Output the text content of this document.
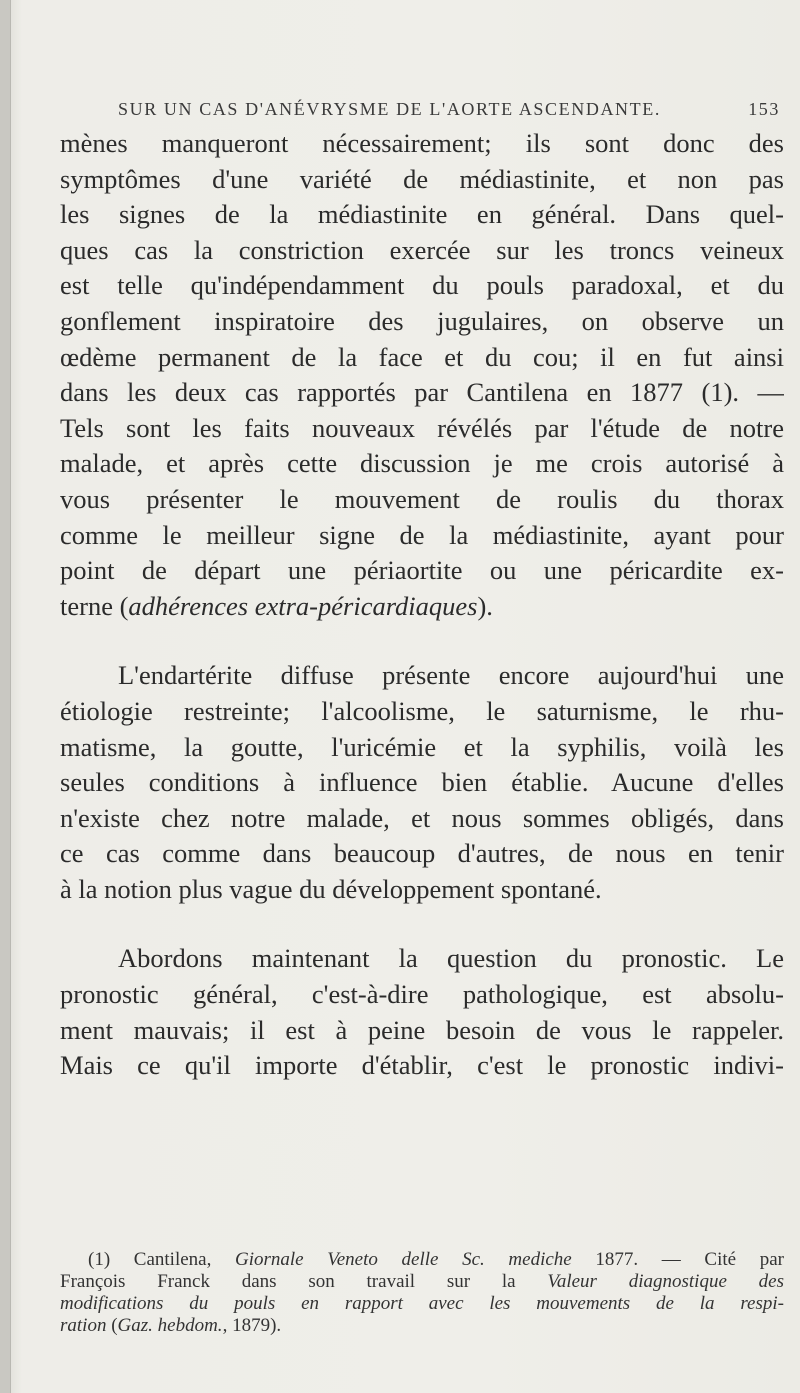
SUR UN CAS D'ANÉVRYSME DE L'AORTE ASCENDANTE.	153
mènes manqueront nécessairement; ils sont donc des
symptômes d'une variété de médiastinite, et non pas
les signes de la médiastinite en général. Dans quel-
ques cas la constriction exercée sur les troncs veineux
est telle qu'indépendamment du pouls paradoxal, et du
gonflement inspiratoire des jugulaires, on observe un
œdème permanent de la face et du cou; il en fut ainsi
dans les deux cas rapportés par Cantilena en 1877 (1). —
Tels sont les faits nouveaux révélés par l'étude de notre
malade, et après cette discussion je me crois autorisé à
vous présenter le mouvement de roulis du thorax
comme le meilleur signe de la médiastinite, ayant pour
point de départ une périaortite ou une péricardite ex-
terne (adhérences extra-péricardiaques).
L'endartérite diffuse présente encore aujourd'hui une
étiologie restreinte; l'alcoolisme, le saturnisme, le rhu-
matisme, la goutte, l'uricémie et la syphilis, voilà les
seules conditions à influence bien établie. Aucune d'elles
n'existe chez notre malade, et nous sommes obligés, dans
ce cas comme dans beaucoup d'autres, de nous en tenir
à la notion plus vague du développement spontané.
Abordons maintenant la question du pronostic. Le
pronostic général, c'est-à-dire pathologique, est absolu-
ment mauvais; il est à peine besoin de vous le rappeler.
Mais ce qu'il importe d'établir, c'est le pronostic indivi-
(1) Cantilena, Giornale Veneto delle Sc. mediche 1877. — Cité par
François Franck dans son travail sur la Valeur diagnostique des
modifications du pouls en rapport avec les mouvements de la respi-
ration (Gaz. hebdom., 1879).
